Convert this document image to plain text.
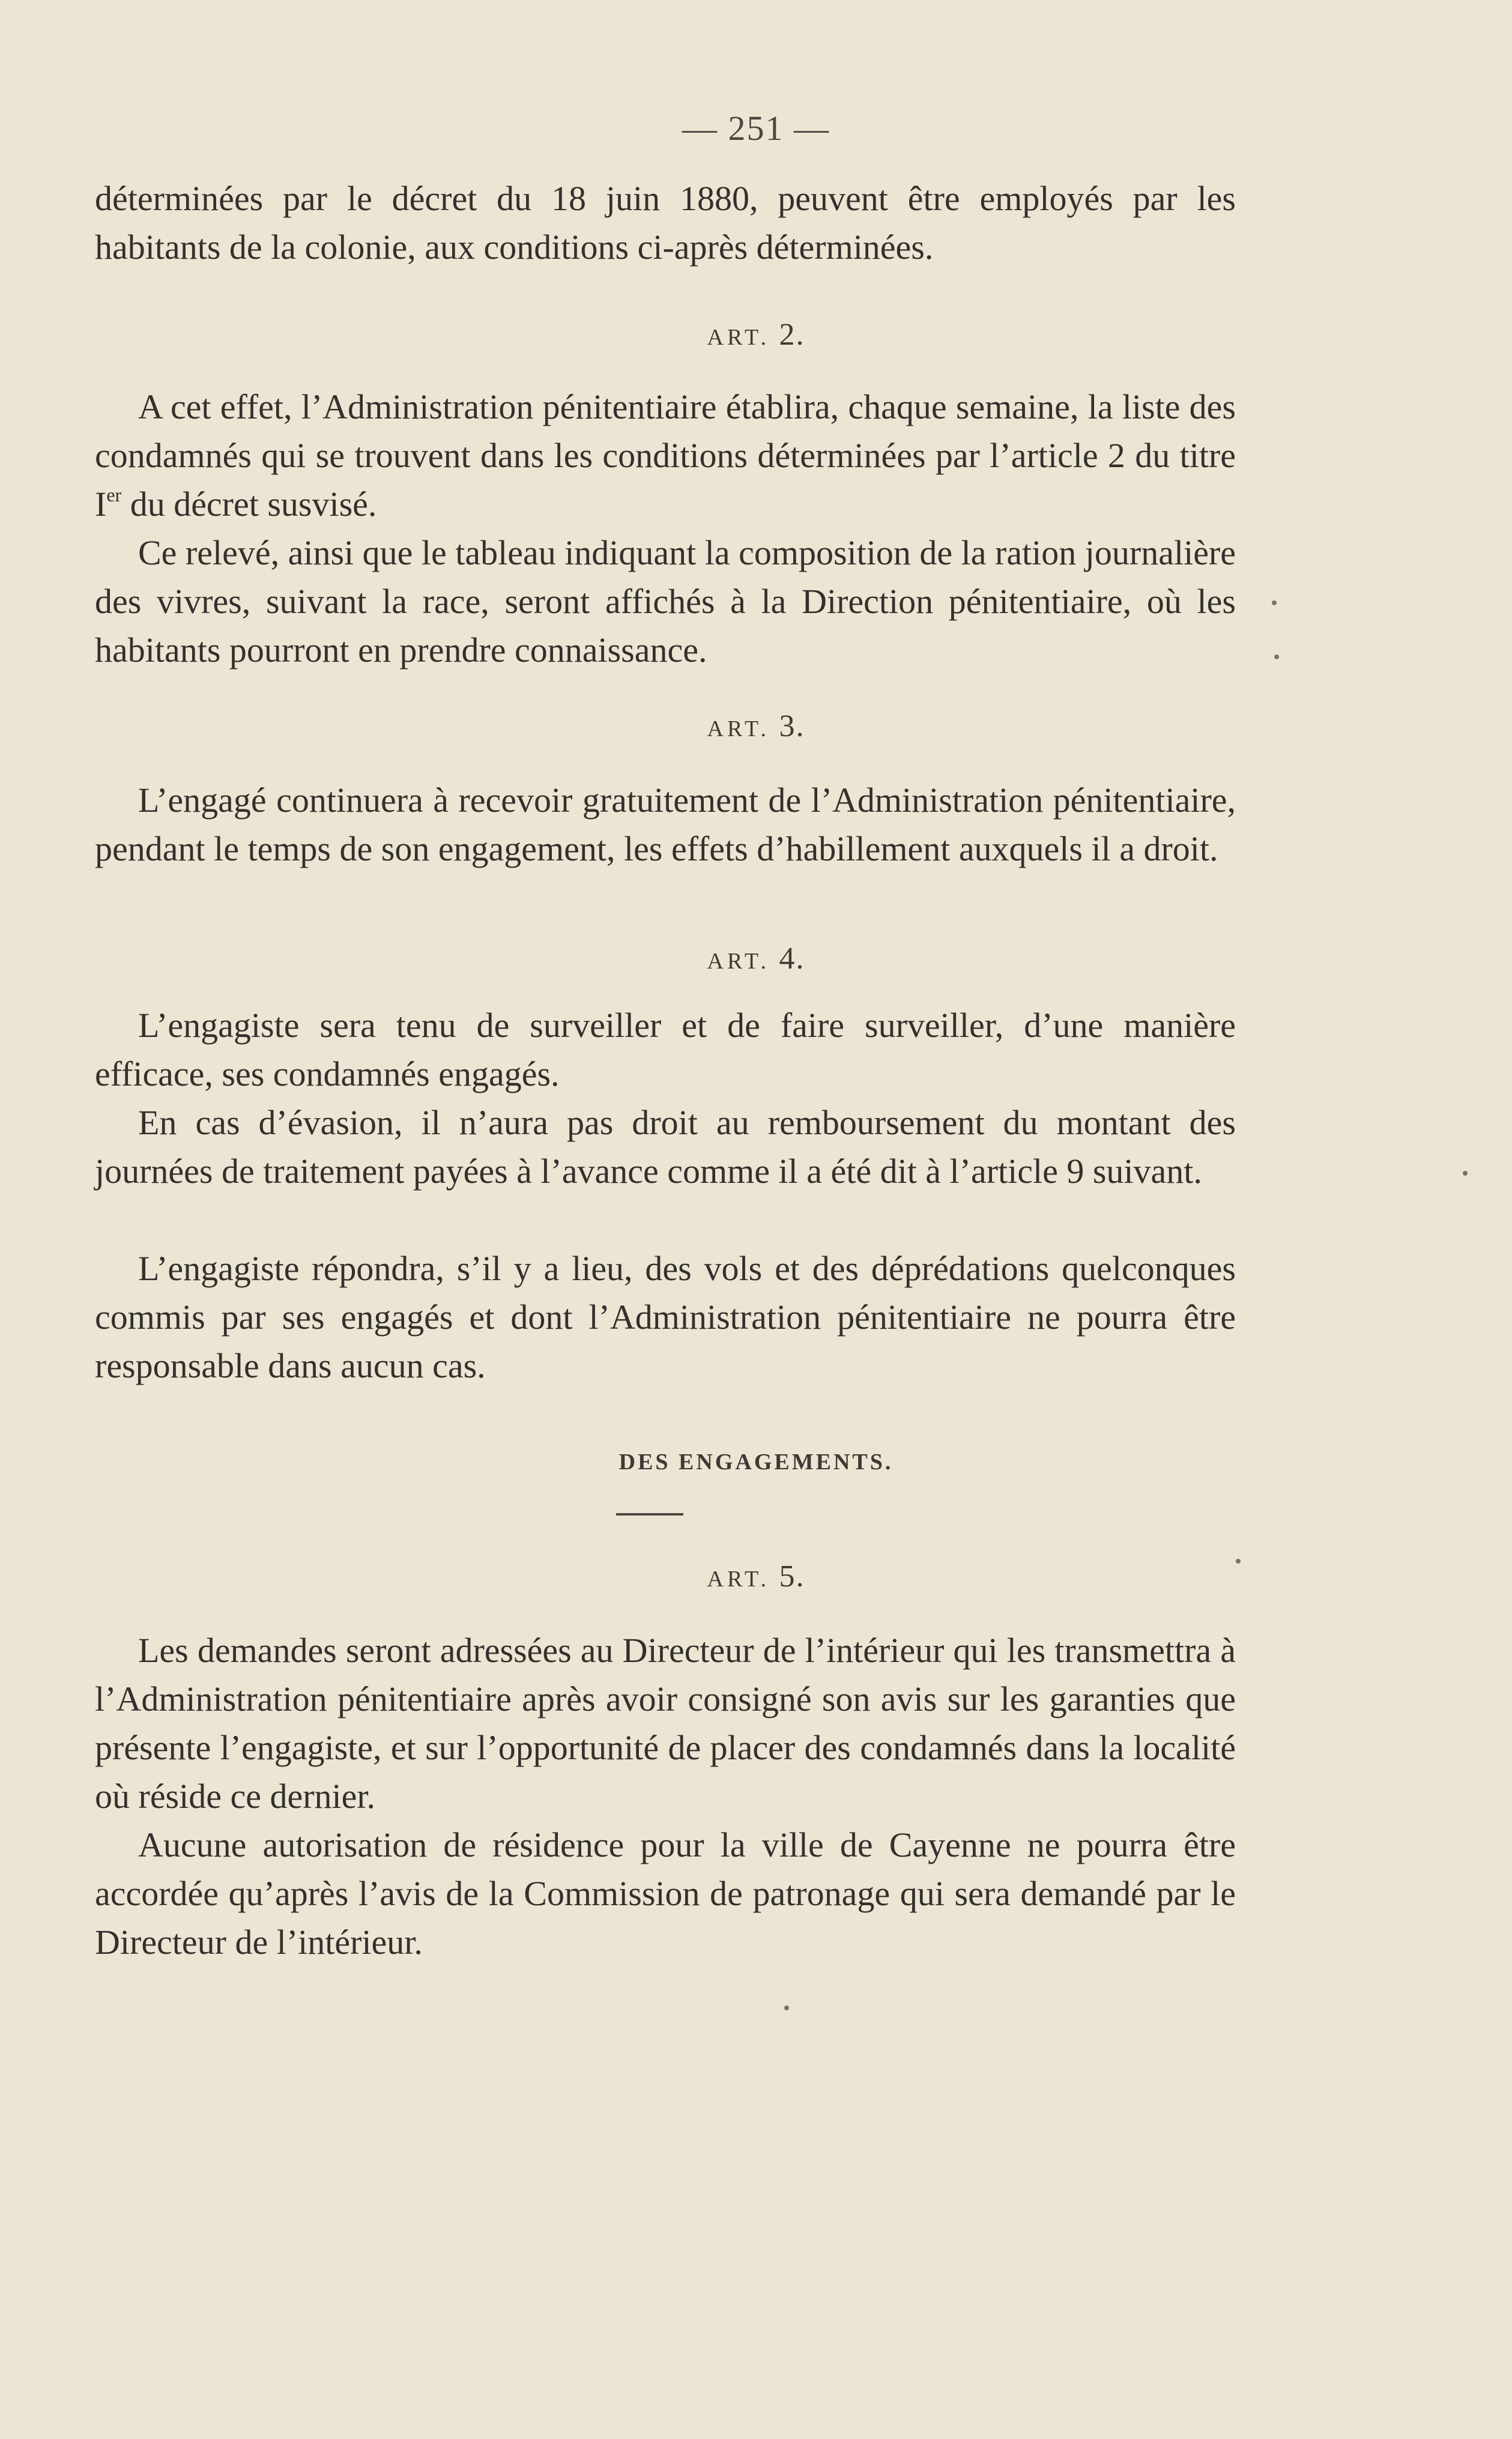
— 251 —

déterminées par le décret du 18 juin 1880, peuvent être employés par les habitants de la colonie, aux conditions ci-après déterminées.

ART. 2.

A cet effet, l’Administration pénitentiaire établira, chaque semaine, la liste des condamnés qui se trouvent dans les conditions déterminées par l’article 2 du titre Ier du décret susvisé.

Ce relevé, ainsi que le tableau indiquant la composition de la ration journalière des vivres, suivant la race, seront affichés à la Direction pénitentiaire, où les habitants pourront en prendre connaissance.

ART. 3.

L’engagé continuera à recevoir gratuitement de l’Administration pénitentiaire, pendant le temps de son engagement, les effets d’habillement auxquels il a droit.

ART. 4.

L’engagiste sera tenu de surveiller et de faire surveiller, d’une manière efficace, ses condamnés engagés.

En cas d’évasion, il n’aura pas droit au remboursement du montant des journées de traitement payées à l’avance comme il a été dit à l’article 9 suivant.

L’engagiste répondra, s’il y a lieu, des vols et des déprédations quelconques commis par ses engagés et dont l’Administration pénitentiaire ne pourra être responsable dans aucun cas.

DES ENGAGEMENTS.

ART. 5.

Les demandes seront adressées au Directeur de l’intérieur qui les transmettra à l’Administration pénitentiaire après avoir consigné son avis sur les garanties que présente l’engagiste, et sur l’opportunité de placer des condamnés dans la localité où réside ce dernier.

Aucune autorisation de résidence pour la ville de Cayenne ne pourra être accordée qu’après l’avis de la Commission de patronage qui sera demandé par le Directeur de l’intérieur.
